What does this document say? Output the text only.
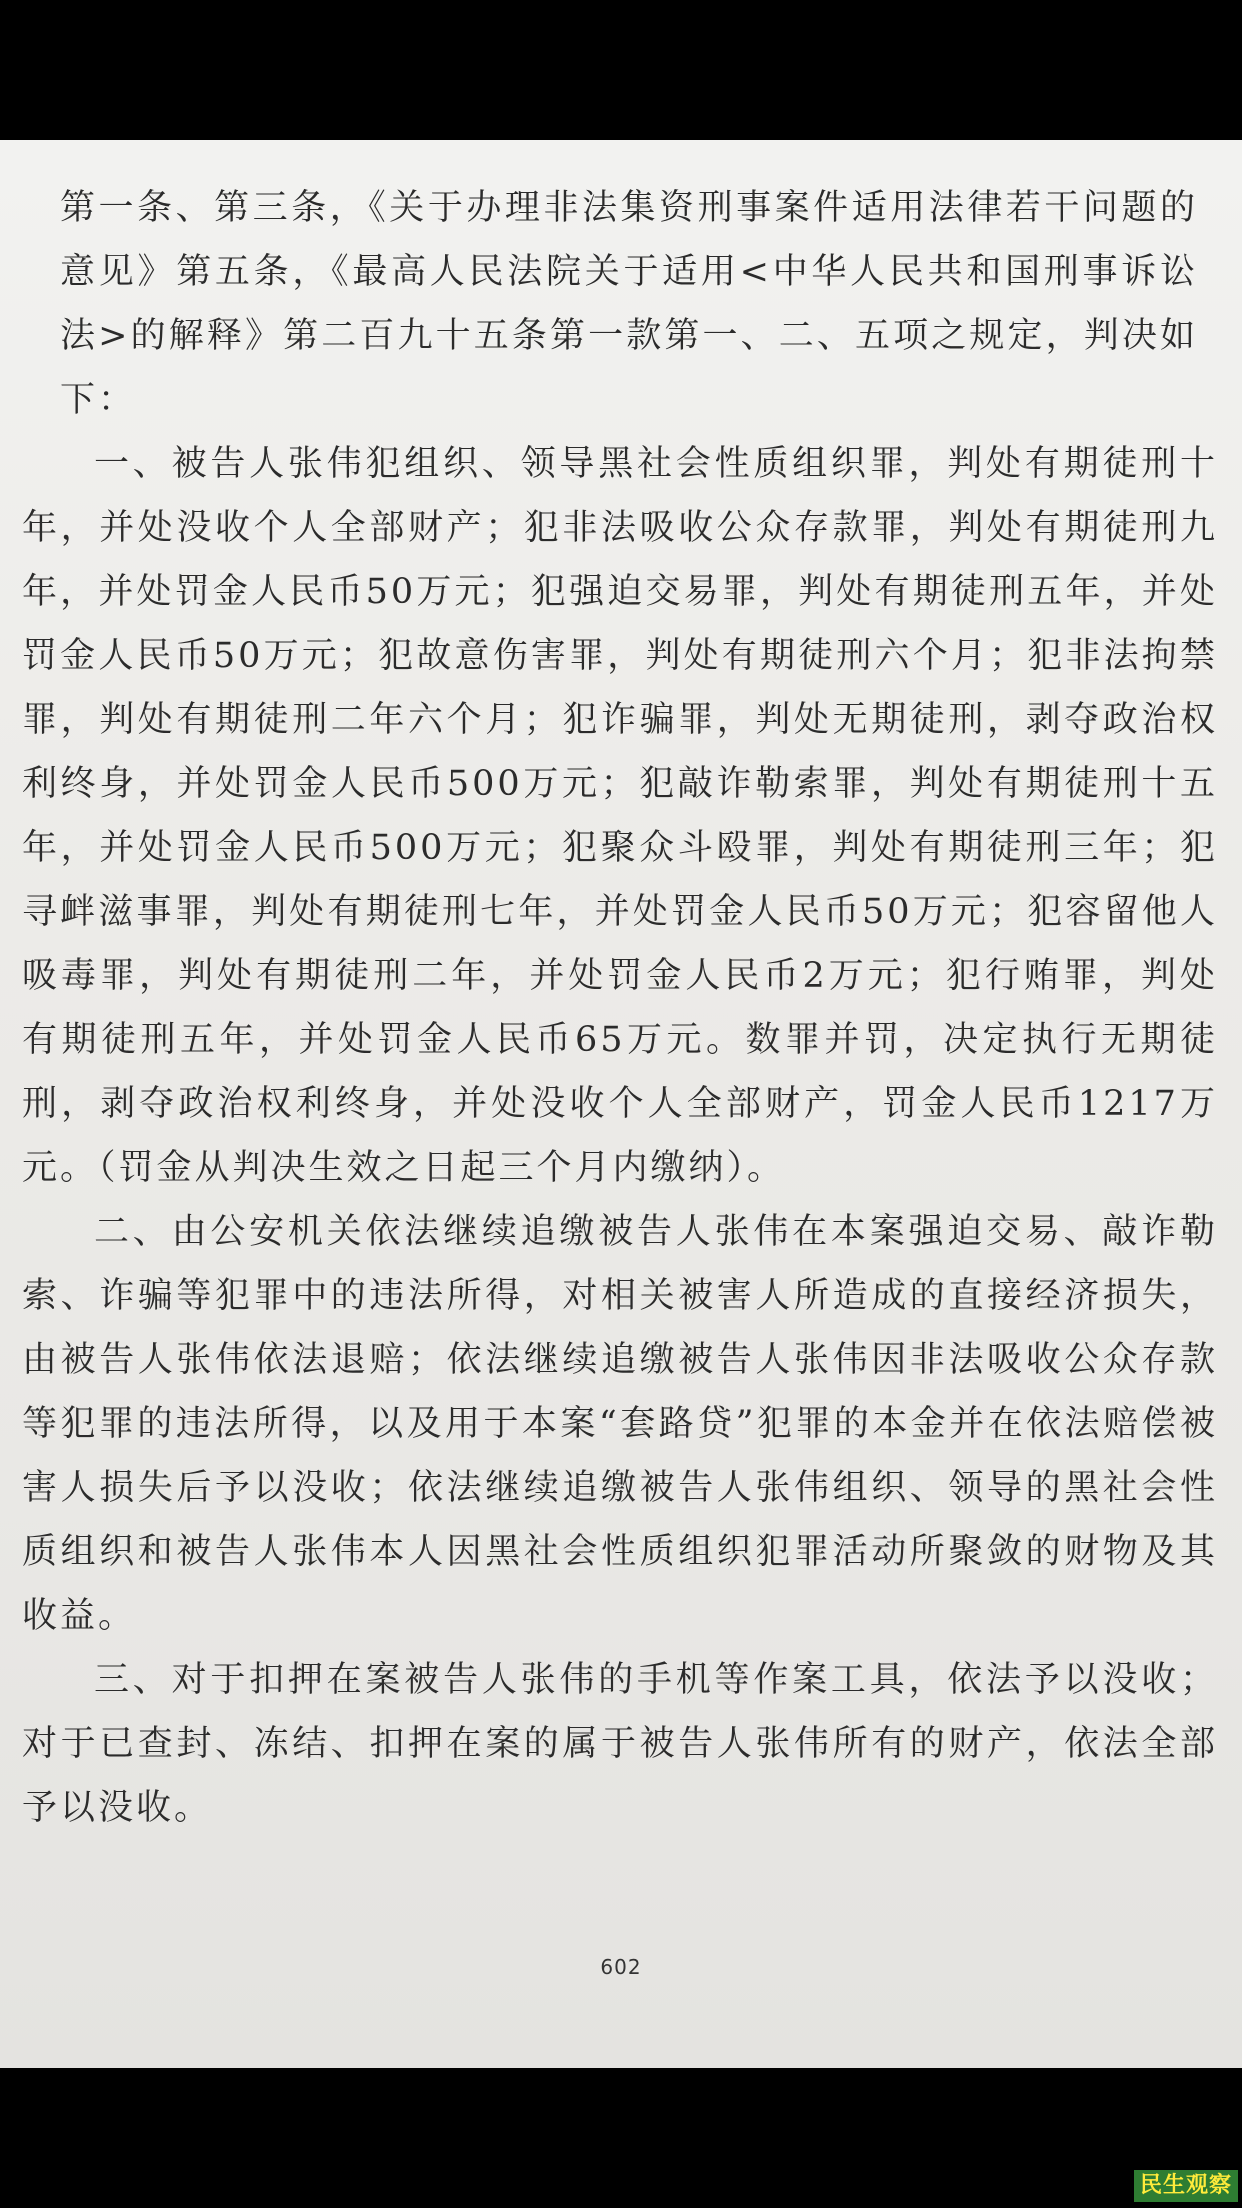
第一条、第三条，《关于办理非法集资刑事案件适用法律若干问题的意见》第五条，《最高人民法院关于适用<中华人民共和国刑事诉讼法>的解释》第二百九十五条第一款第一、二、五项之规定，判决如下：

一、被告人张伟犯组织、领导黑社会性质组织罪，判处有期徒刑十年，并处没收个人全部财产；犯非法吸收公众存款罪，判处有期徒刑九年，并处罚金人民币50万元；犯强迫交易罪，判处有期徒刑五年，并处罚金人民币50万元；犯故意伤害罪，判处有期徒刑六个月；犯非法拘禁罪，判处有期徒刑二年六个月；犯诈骗罪，判处无期徒刑，剥夺政治权利终身，并处罚金人民币500万元；犯敲诈勒索罪，判处有期徒刑十五年，并处罚金人民币500万元；犯聚众斗殴罪，判处有期徒刑三年；犯寻衅滋事罪，判处有期徒刑七年，并处罚金人民币50万元；犯容留他人吸毒罪，判处有期徒刑二年，并处罚金人民币2万元；犯行贿罪，判处有期徒刑五年，并处罚金人民币65万元。数罪并罚，决定执行无期徒刑，剥夺政治权利终身，并处没收个人全部财产，罚金人民币1217万元。（罚金从判决生效之日起三个月内缴纳）。

二、由公安机关依法继续追缴被告人张伟在本案强迫交易、敲诈勒索、诈骗等犯罪中的违法所得，对相关被害人所造成的直接经济损失，由被告人张伟依法退赔；依法继续追缴被告人张伟因非法吸收公众存款等犯罪的违法所得，以及用于本案“套路贷”犯罪的本金并在依法赔偿被害人损失后予以没收；依法继续追缴被告人张伟组织、领导的黑社会性质组织和被告人张伟本人因黑社会性质组织犯罪活动所聚敛的财物及其收益。

三、对于扣押在案被告人张伟的手机等作案工具，依法予以没收；对于已查封、冻结、扣押在案的属于被告人张伟所有的财产，依法全部予以没收。

602
民生观察
